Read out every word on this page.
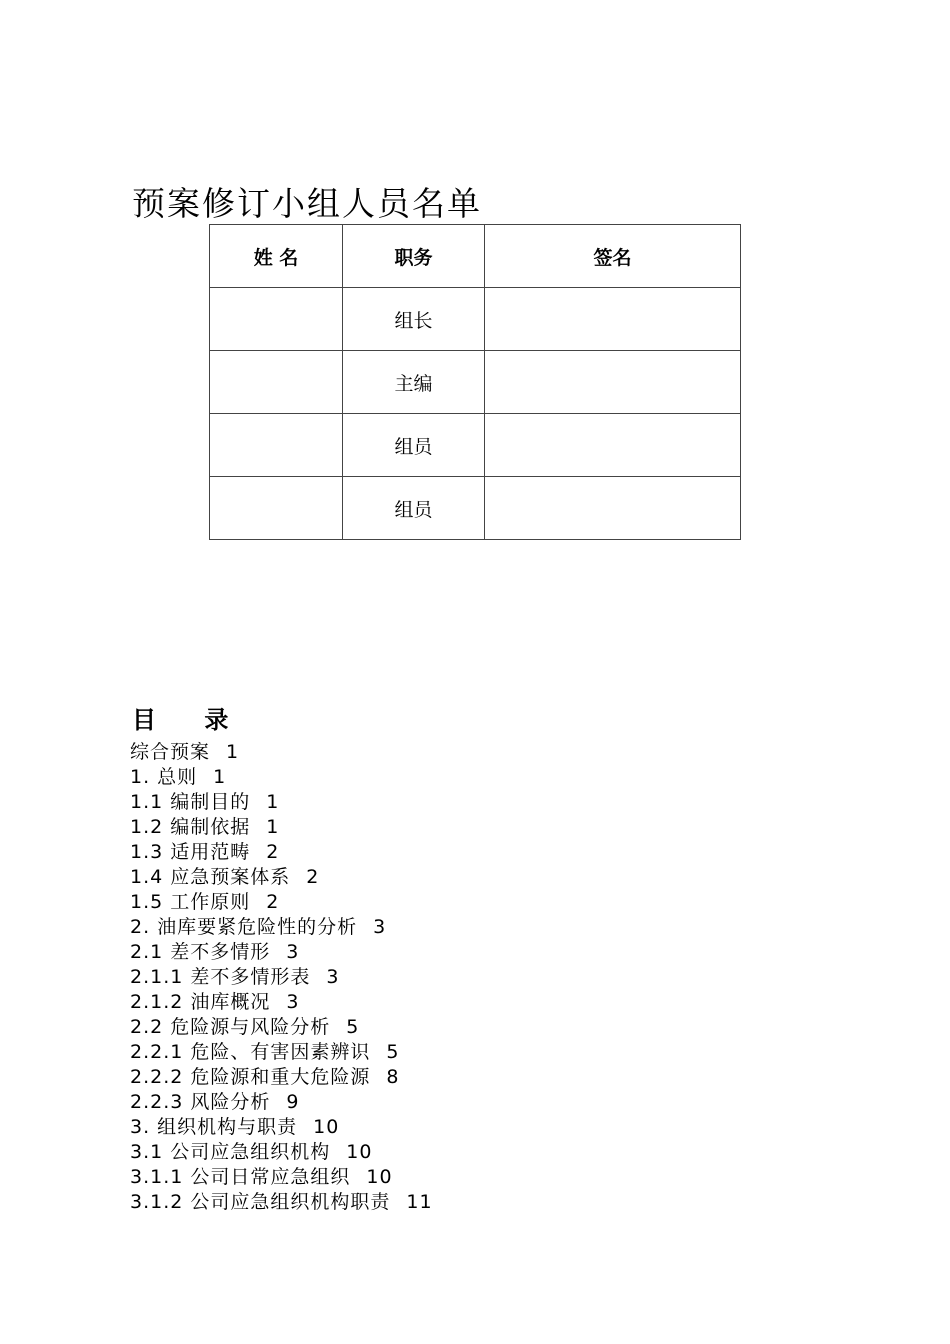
预案修订小组人员名单
姓 名	职务	签名
	组长	
	主编	
	组员	
	组员	
目 录
综合预案 1
1. 总则 1
1.1 编制目的 1
1.2 编制依据 1
1.3 适用范畴 2
1.4 应急预案体系 2
1.5 工作原则 2
2. 油库要紧危险性的分析 3
2.1 差不多情形 3
2.1.1 差不多情形表 3
2.1.2 油库概况 3
2.2 危险源与风险分析 5
2.2.1 危险、有害因素辨识 5
2.2.2 危险源和重大危险源 8
2.2.3 风险分析 9
3. 组织机构与职责 10
3.1 公司应急组织机构 10
3.1.1 公司日常应急组织 10
3.1.2 公司应急组织机构职责 11
